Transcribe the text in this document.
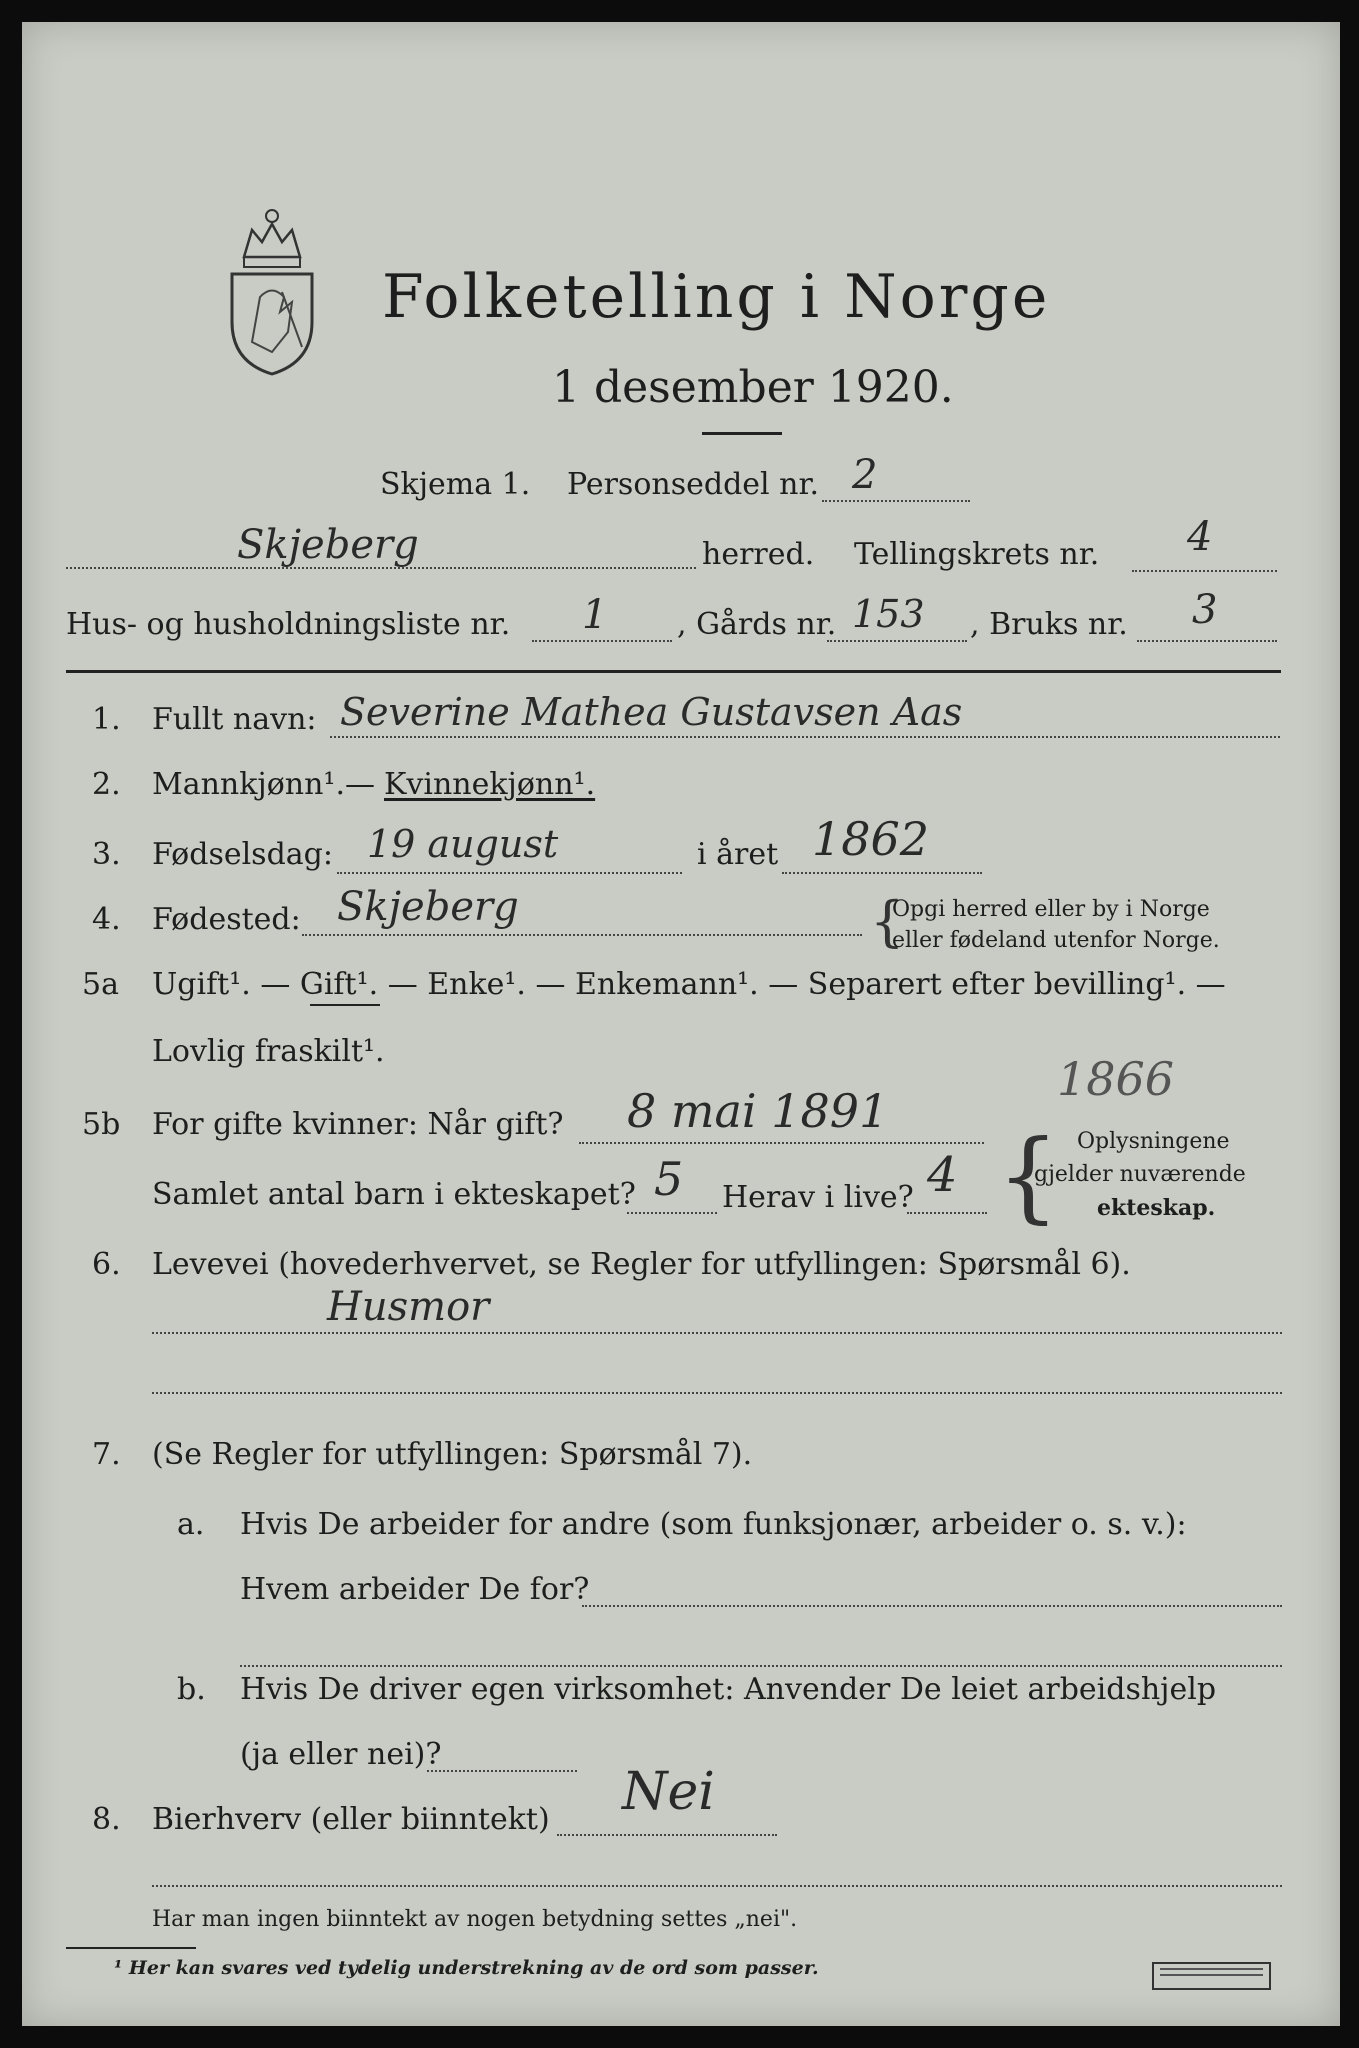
Folketelling i Norge
1 desember 1920.
Skjema 1. Personseddel nr. 2
Skjeberg	herred. Tellingskrets nr. 4
Hus- og husholdningsliste nr. 1 , Gårds nr. 153 , Bruks nr. 3
1. Fullt navn: Severine Mathea Gustavsen Aas
2. Mannkjønn¹. — Kvinnekjønn¹.
3. Fødselsdag: 19 august	i året 1862
4. Fødested: Skjeberg	{
Opgi herred eller by i Norge
eller fødeland utenfor Norge.
5a Ugift¹. — Gift¹. — Enke¹. — Enkemann¹. — Separert efter bevilling¹. —
Lovlig fraskilt¹.
5b For gifte kvinner: Når gift? 8 mai 1891
1866
Samlet antal barn i ekteskapet? 5 Herav i live? 4 { Oplysningene
gjelder nuværende
ekteskap.
6. Levevei (hovederhvervet, se Regler for utfyllingen: Spørsmål 6).
Husmor
7. (Se Regler for utfyllingen: Spørsmål 7).
a. Hvis De arbeider for andre (som funksjonær, arbeider o. s. v.):
Hvem arbeider De for?
b. Hvis De driver egen virksomhet: Anvender De leiet arbeidshjelp
(ja eller nei)?
8. Bierhverv (eller biinntekt) Nei
Har man ingen biinntekt av nogen betydning settes „nei".
¹ Her kan svares ved tydelig understrekning av de ord som passer.
